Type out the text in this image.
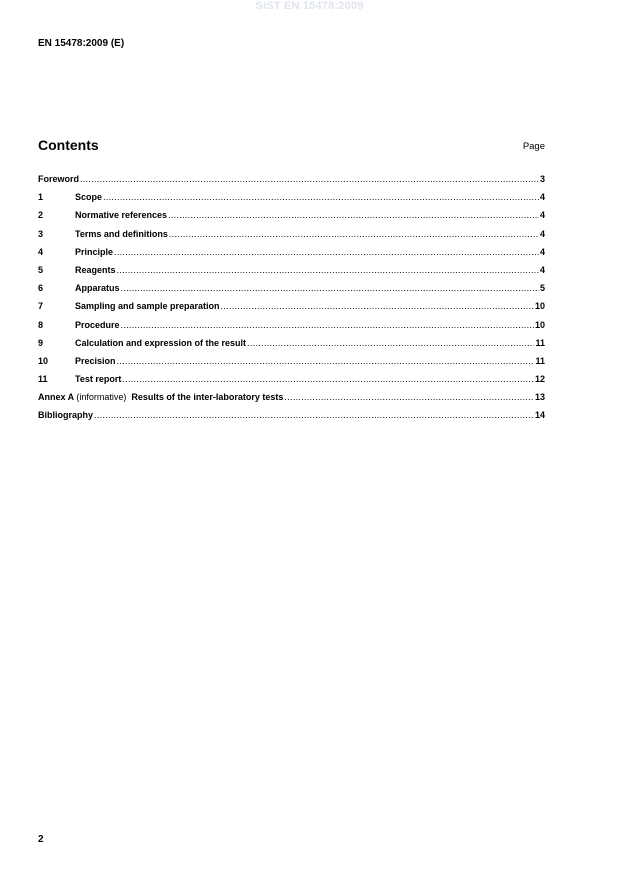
SIST EN 15478:2009
EN 15478:2009 (E)
Contents	Page
Foreword .....	3
1	Scope .....	4
2	Normative references .....	4
3	Terms and definitions .....	4
4	Principle .....	4
5	Reagents .....	4
6	Apparatus .....	5
7	Sampling and sample preparation .....	10
8	Procedure .....	10
9	Calculation and expression of the result .....	11
10	Precision .....	11
11	Test report .....	12
Annex A (informative) Results of the inter-laboratory tests .....	13
Bibliography .....	14
2
